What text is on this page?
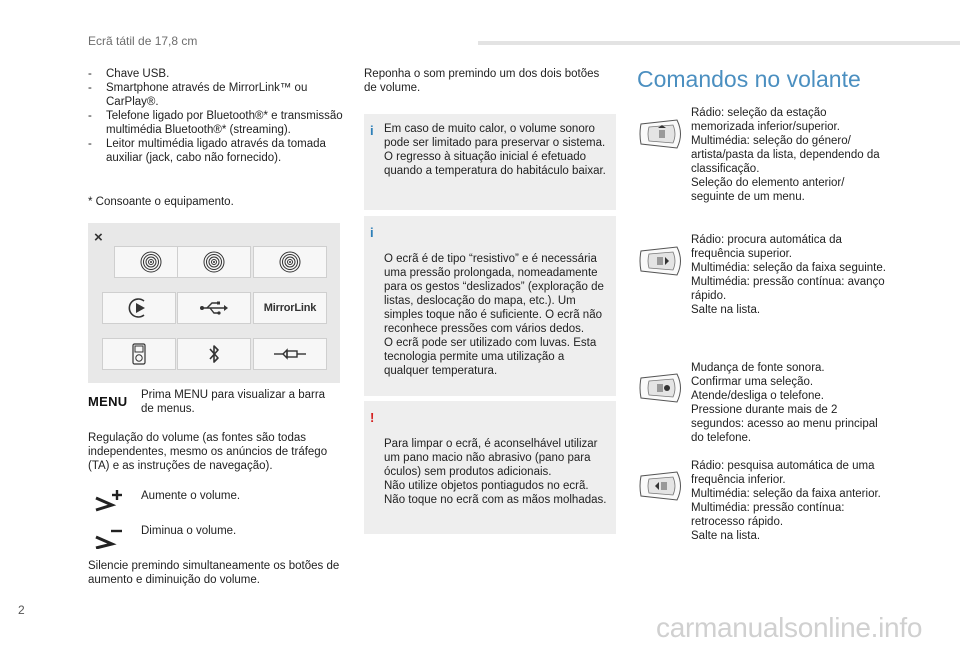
Ecrã tátil de 17,8 cm
- Chave USB.
- Smartphone através de MirrorLink™ ou CarPlay®.
- Telefone ligado por Bluetooth®* e transmissão multimédia Bluetooth®* (streaming).
- Leitor multimédia ligado através da tomada auxiliar (jack, cabo não fornecido).
* Consoante o equipamento.
×
MirrorLink
MENU Prima MENU para visualizar a barra de menus.
Regulação do volume (as fontes são todas independentes, mesmo os anúncios de tráfego (TA) e as instruções de navegação).
Aumente o volume.
Diminua o volume.
Silencie premindo simultaneamente os botões de aumento e diminuição do volume.
Reponha o som premindo um dos dois botões de volume.
i Em caso de muito calor, o volume sonoro pode ser limitado para preservar o sistema. O regresso à situação inicial é efetuado quando a temperatura do habitáculo baixar.

i

O ecrã é de tipo “resistivo” e é necessária uma pressão prolongada, nomeadamente para os gestos “deslizados” (exploração de listas, deslocação do mapa, etc.). Um simples toque não é suficiente. O ecrã não reconhece pressões com vários dedos.
O ecrã pode ser utilizado com luvas. Esta tecnologia permite uma utilização a qualquer temperatura.

!

Para limpar o ecrã, é aconselhável utilizar um pano macio não abrasivo (pano para óculos) sem produtos adicionais.
Não utilize objetos pontiagudos no ecrã. Não toque no ecrã com as mãos molhadas.

Comandos no volante
Rádio: seleção da estação memorizada inferior/superior.
Multimédia: seleção do género/ artista/pasta da lista, dependendo da classificação.
Seleção do elemento anterior/ seguinte de um menu.
Rádio: procura automática da frequência superior.
Multimédia: seleção da faixa seguinte.
Multimédia: pressão contínua: avanço rápido.
Salte na lista.
Mudança de fonte sonora.
Confirmar uma seleção.
Atende/desliga o telefone.
Pressione durante mais de 2 segundos: acesso ao menu principal do telefone.
Rádio: pesquisa automática de uma frequência inferior.
Multimédia: seleção da faixa anterior.
Multimédia: pressão contínua: retrocesso rápido.
Salte na lista.
2
carmanualsonline.info
